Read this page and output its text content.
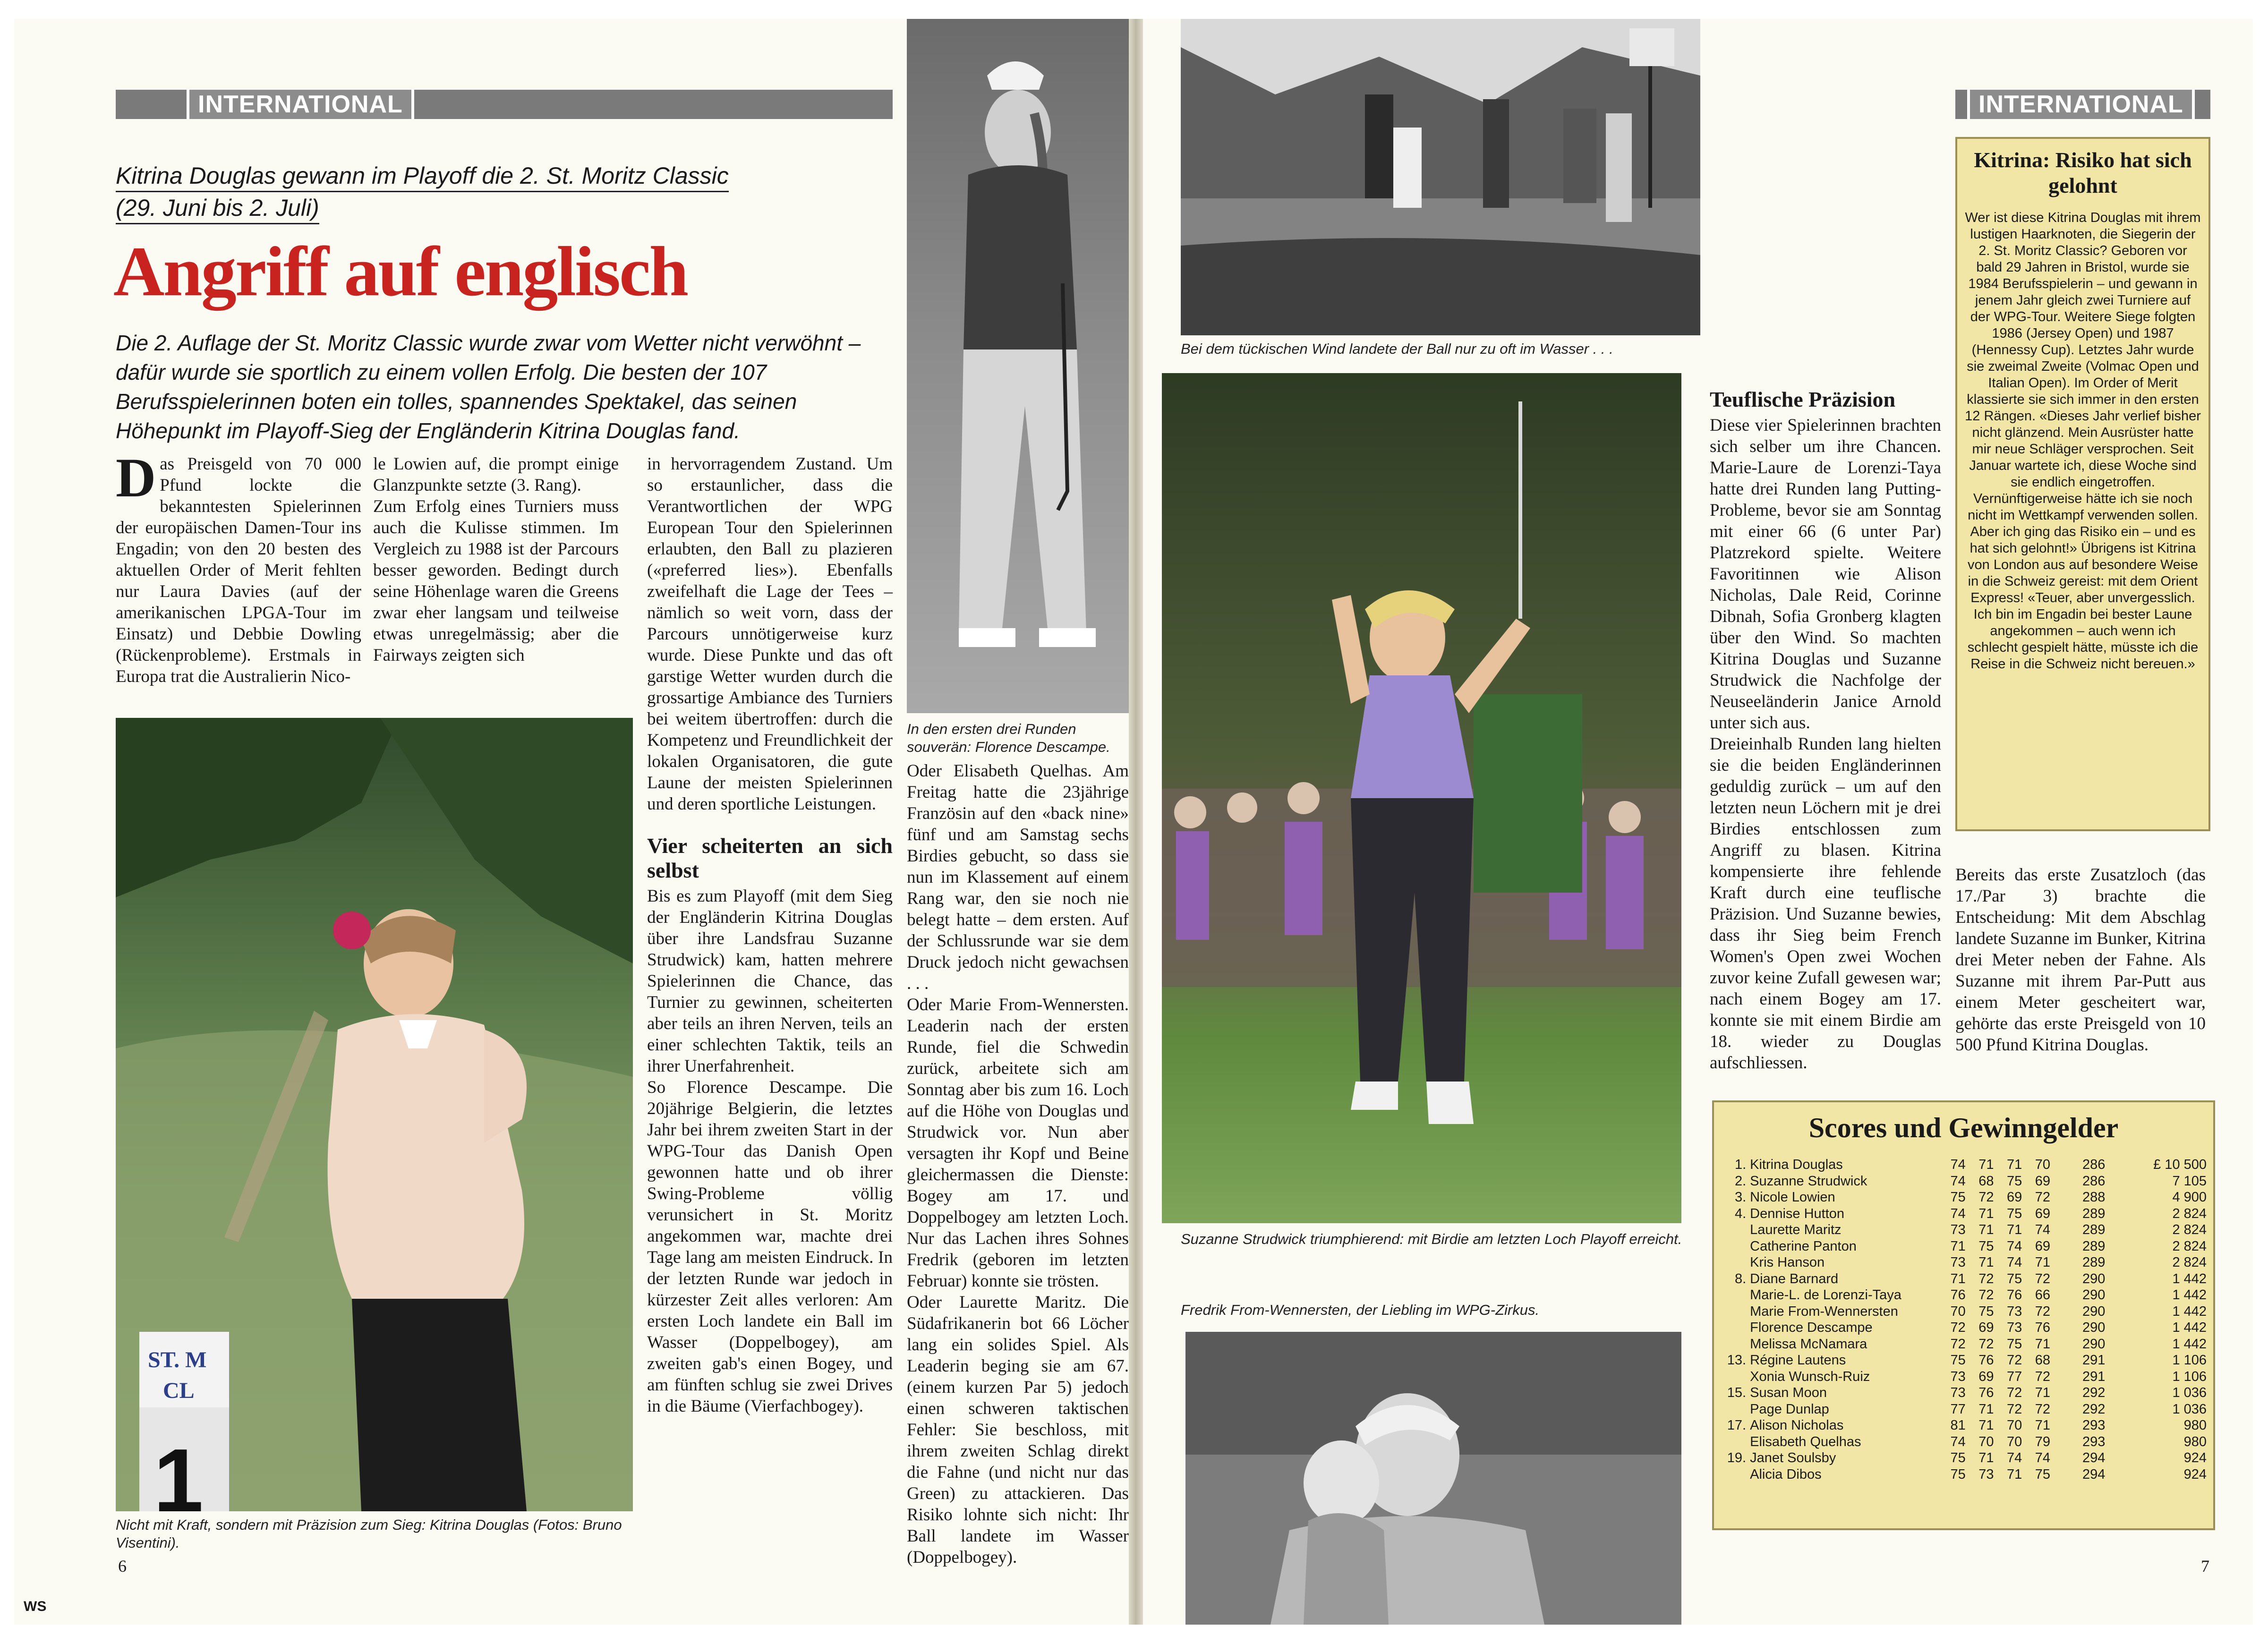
INTERNATIONAL
Kitrina Douglas gewann im Playoff die 2. St. Moritz Classic
(29. Juni bis 2. Juli)
Angriff auf englisch
Die 2. Auflage der St. Moritz Classic wurde zwar vom Wetter nicht verwöhnt – dafür wurde sie sportlich zu einem vollen Erfolg. Die besten der 107 Berufsspielerinnen boten ein tolles, spannendes Spektakel, das seinen Höhepunkt im Playoff-Sieg der Engländerin Kitrina Douglas fand.
Das Preisgeld von 70 000 Pfund lockte die bekanntesten Spielerinnen der europäischen Damen-Tour ins Engadin; von den 20 besten des aktuellen Order of Merit fehlten nur Laura Davies (auf der amerikanischen LPGA-Tour im Einsatz) und Debbie Dowling (Rückenprobleme). Erstmals in Europa trat die Australierin Nico-
le Lowien auf, die prompt einige Glanzpunkte setzte (3. Rang).
Zum Erfolg eines Turniers muss auch die Kulisse stimmen. Im Vergleich zu 1988 ist der Parcours besser geworden. Bedingt durch seine Höhenlage waren die Greens zwar eher langsam und teilweise etwas unregelmässig; aber die Fairways zeigten sich
ST. M
CL
1
Nicht mit Kraft, sondern mit Präzision zum Sieg: Kitrina Douglas (Fotos: Bruno Visentini).
in hervorragendem Zustand. Um so erstaunlicher, dass die Verantwortlichen der WPG European Tour den Spielerinnen erlaubten, den Ball zu plazieren («preferred lies»). Ebenfalls zweifelhaft die Lage der Tees – nämlich so weit vorn, dass der Parcours unnötigerweise kurz wurde. Diese Punkte und das oft garstige Wetter wurden durch die grossartige Ambiance des Turniers bei weitem übertroffen: durch die Kompetenz und Freundlichkeit der lokalen Organisatoren, die gute Laune der meisten Spielerinnen und deren sportliche Leistungen.
Vier scheiterten an sich selbst
Bis es zum Playoff (mit dem Sieg der Engländerin Kitrina Douglas über ihre Landsfrau Suzanne Strudwick) kam, hatten mehrere Spielerinnen die Chance, das Turnier zu gewinnen, scheiterten aber teils an ihren Nerven, teils an einer schlechten Taktik, teils an ihrer Unerfahrenheit.
So Florence Descampe. Die 20jährige Belgierin, die letztes Jahr bei ihrem zweiten Start in der WPG-Tour das Danish Open gewonnen hatte und ob ihrer Swing-Probleme völlig verunsichert in St. Moritz angekommen war, machte drei Tage lang am meisten Eindruck. In der letzten Runde war jedoch in kürzester Zeit alles verloren: Am ersten Loch landete ein Ball im Wasser (Doppelbogey), am zweiten gab's einen Bogey, und am fünften schlug sie zwei Drives in die Bäume (Vierfachbogey).
In den ersten drei Runden souverän: Florence Descampe.
Oder Elisabeth Quelhas. Am Freitag hatte die 23jährige Französin auf den «back nine» fünf und am Samstag sechs Birdies gebucht, so dass sie nun im Klassement auf einem Rang war, den sie noch nie belegt hatte – dem ersten. Auf der Schlussrunde war sie dem Druck jedoch nicht gewachsen . . .
Oder Marie From-Wennersten. Leaderin nach der ersten Runde, fiel die Schwedin zurück, arbeitete sich am Sonntag aber bis zum 16. Loch auf die Höhe von Douglas und Strudwick vor. Nun aber versagten ihr Kopf und Beine gleichermassen die Dienste: Bogey am 17. und Doppelbogey am letzten Loch. Nur das Lachen ihres Sohnes Fredrik (geboren im letzten Februar) konnte sie trösten.
Oder Laurette Maritz. Die Südafrikanerin bot 66 Löcher lang ein solides Spiel. Als Leaderin beging sie am 67. (einem kurzen Par 5) jedoch einen schweren taktischen Fehler: Sie beschloss, mit ihrem zweiten Schlag direkt die Fahne (und nicht nur das Green) zu attackieren. Das Risiko lohnte sich nicht: Ihr Ball landete im Wasser (Doppelbogey).
6
WS
Bei dem tückischen Wind landete der Ball nur zu oft im Wasser . . .
INTERNATIONAL
Suzanne Strudwick triumphierend: mit Birdie am letzten Loch Playoff erreicht.
Fredrik From-Wennersten, der Liebling im WPG-Zirkus.
Teuflische Präzision
Diese vier Spielerinnen brachten sich selber um ihre Chancen. Marie-Laure de Lorenzi-Taya hatte drei Runden lang Putting-Probleme, bevor sie am Sonntag mit einer 66 (6 unter Par) Platzrekord spielte. Weitere Favoritinnen wie Alison Nicholas, Dale Reid, Corinne Dibnah, Sofia Gronberg klagten über den Wind. So machten Kitrina Douglas und Suzanne Strudwick die Nachfolge der Neuseeländerin Janice Arnold unter sich aus.
Dreieinhalb Runden lang hielten sie die beiden Engländerinnen geduldig zurück – um auf den letzten neun Löchern mit je drei Birdies entschlossen zum Angriff zu blasen. Kitrina kompensierte ihre fehlende Kraft durch eine teuflische Präzision. Und Suzanne bewies, dass ihr Sieg beim French Women's Open zwei Wochen zuvor keine Zufall gewesen war; nach einem Bogey am 17. konnte sie mit einem Birdie am 18. wieder zu Douglas aufschliessen.
Kitrina: Risiko hat sich gelohnt
Wer ist diese Kitrina Douglas mit ihrem lustigen Haarknoten, die Siegerin der 2. St. Moritz Classic? Geboren vor bald 29 Jahren in Bristol, wurde sie 1984 Berufsspielerin – und gewann in jenem Jahr gleich zwei Turniere auf der WPG-Tour. Weitere Siege folgten 1986 (Jersey Open) und 1987 (Hennessy Cup). Letztes Jahr wurde sie zweimal Zweite (Volmac Open und Italian Open). Im Order of Merit klassierte sie sich immer in den ersten 12 Rängen. «Dieses Jahr verlief bisher nicht glänzend. Mein Ausrüster hatte mir neue Schläger versprochen. Seit Januar wartete ich, diese Woche sind sie endlich eingetroffen. Vernünftigerweise hätte ich sie noch nicht im Wettkampf verwenden sollen. Aber ich ging das Risiko ein – und es hat sich gelohnt!» Übrigens ist Kitrina von London aus auf besondere Weise in die Schweiz gereist: mit dem Orient Express! «Teuer, aber unvergesslich. Ich bin im Engadin bei bester Laune angekommen – auch wenn ich schlecht gespielt hätte, müsste ich die Reise in die Schweiz nicht bereuen.»
Bereits das erste Zusatzloch (das 17./Par 3) brachte die Entscheidung: Mit dem Abschlag landete Suzanne im Bunker, Kitrina drei Meter neben der Fahne. Als Suzanne mit ihrem Par-Putt aus einem Meter gescheitert war, gehörte das erste Preisgeld von 10 500 Pfund Kitrina Douglas.
Scores und Gewinngelder
1. Kitrina Douglas	74 71 71 70	286	£ 10 500
2. Suzanne Strudwick	74 68 75 69	286	7 105
3. Nicole Lowien	75 72 69 72	288	4 900
4. Dennise Hutton	74 71 75 69	289	2 824
Laurette Maritz	73 71 71 74	289	2 824
Catherine Panton	71 75 74 69	289	2 824
Kris Hanson	73 71 74 71	289	2 824
8. Diane Barnard	71 72 75 72	290	1 442
Marie-L. de Lorenzi-Taya	76 72 76 66	290	1 442
Marie From-Wennersten	70 75 73 72	290	1 442
Florence Descampe	72 69 73 76	290	1 442
Melissa McNamara	72 72 75 71	290	1 442
13. Régine Lautens	75 76 72 68	291	1 106
Xonia Wunsch-Ruiz	73 69 77 72	291	1 106
15. Susan Moon	73 76 72 71	292	1 036
Page Dunlap	77 71 72 72	292	1 036
17. Alison Nicholas	81 71 70 71	293	980
Elisabeth Quelhas	74 70 70 79	293	980
19. Janet Soulsby	75 71 74 74	294	924
Alicia Dibos	75 73 71 75	294	924
7
